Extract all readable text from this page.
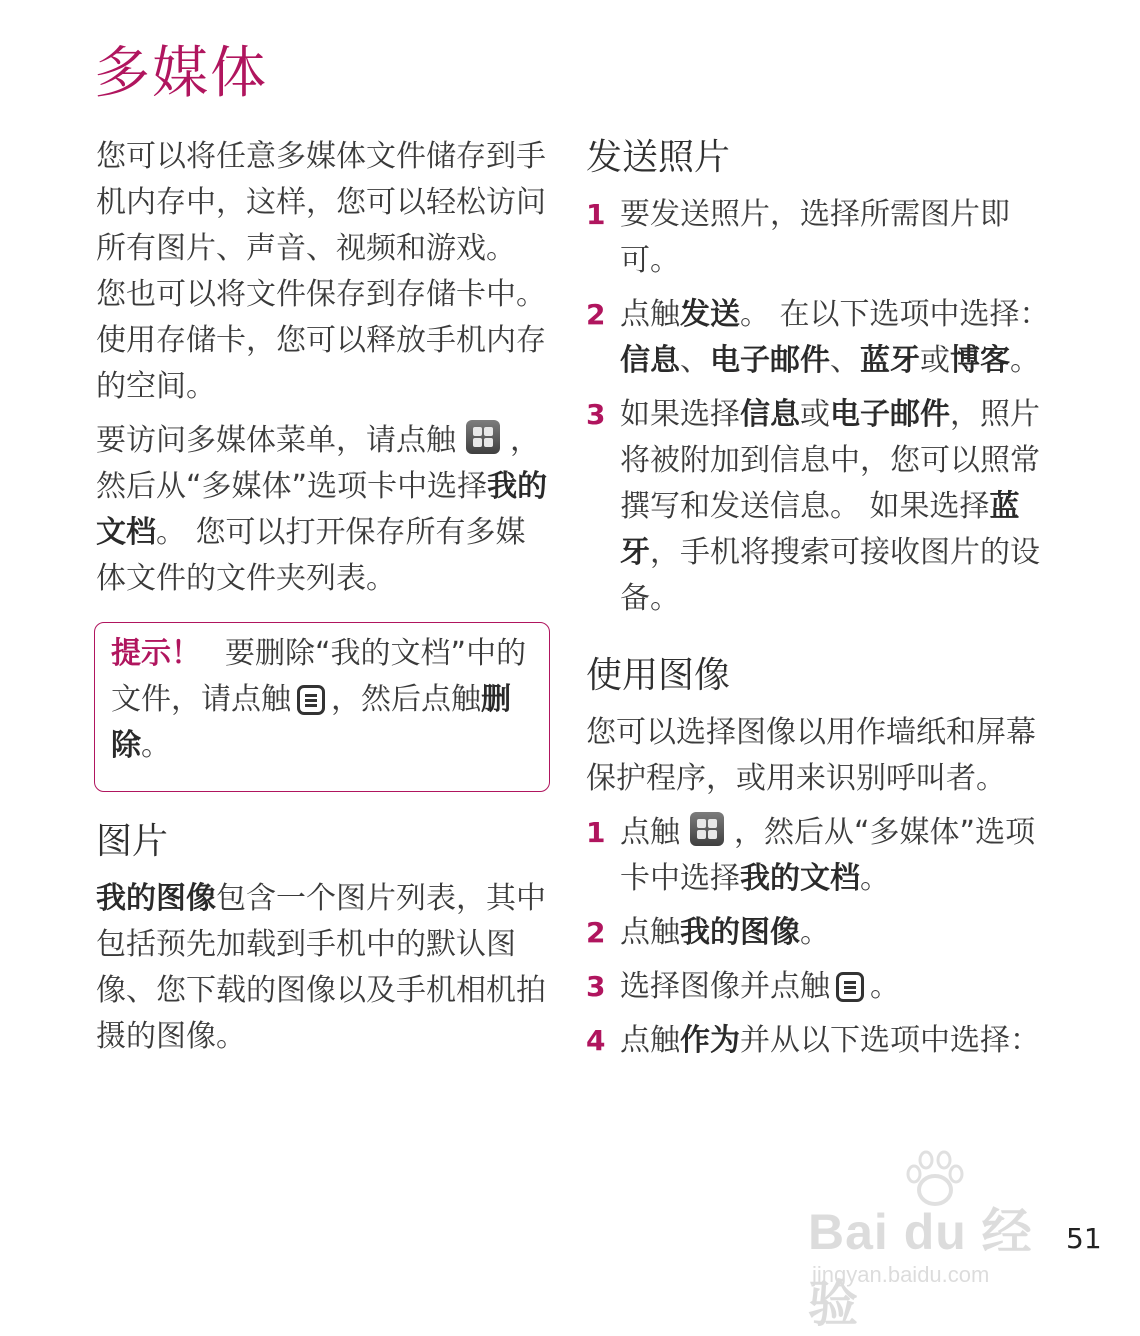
多媒体

您可以将任意多媒体文件储存到手机内存中，这样，您可以轻松访问所有图片、声音、视频和游戏。 您也可以将文件保存到存储卡中。 使用存储卡，您可以释放手机内存的空间。

要访问多媒体菜单，请点触 ，然后从“多媒体”选项卡中选择我的文档。 您可以打开保存所有多媒体文件的文件夹列表。

提示！ 要删除“我的文档”中的文件，请点触 ，然后点触删除。
图片

我的图像包含一个图片列表，其中包括预先加载到手机中的默认图像、您下载的图像以及手机相机拍摄的图像。

发送照片
1 要发送照片，选择所需图片即可。
2 点触发送。 在以下选项中选择：信息、电子邮件、蓝牙或博客。
3 如果选择信息或电子邮件，照片将被附加到信息中，您可以照常撰写和发送信息。 如果选择蓝牙，手机将搜索可接收图片的设备。
使用图像

您可以选择图像以用作墙纸和屏幕保护程序，或用来识别呼叫者。

1 点触 ，然后从“多媒体”选项卡中选择我的文档。
2 点触我的图像。
3 选择图像并点触 。
4 点触作为并从以下选项中选择：
Bai du 经验
jingyan.baidu.com
51
